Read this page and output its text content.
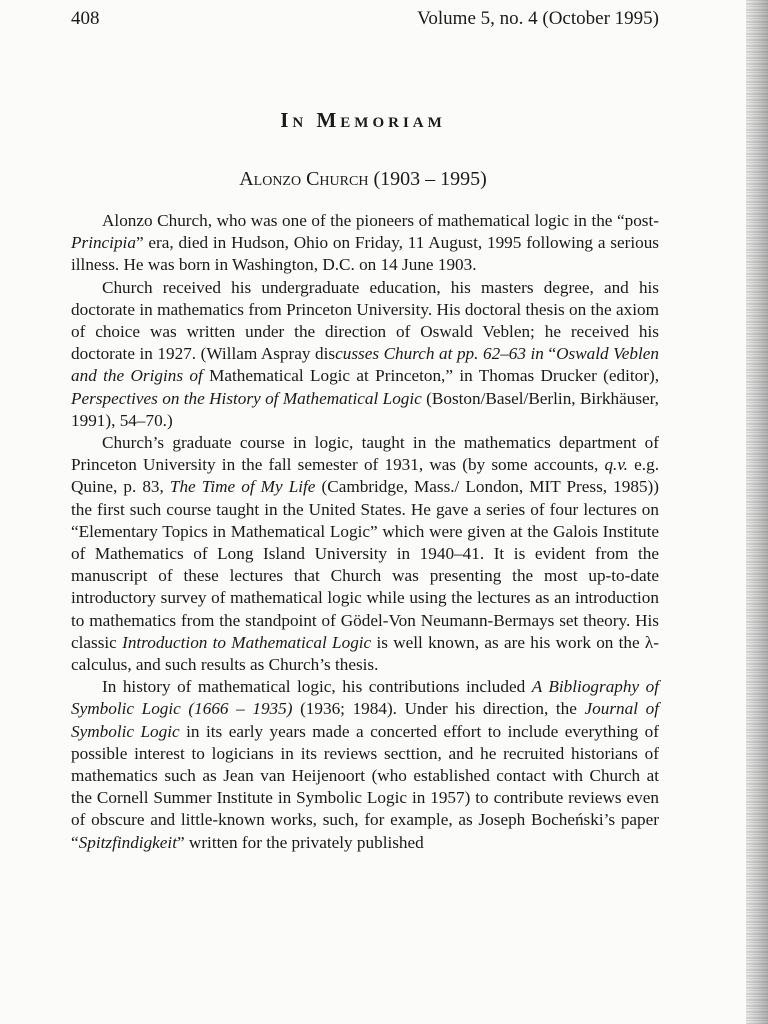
408	Volume 5, no. 4 (October 1995)
In Memoriam
Alonzo Church (1903 – 1995)

Alonzo Church, who was one of the pioneers of mathematical logic in the “post-Principia” era, died in Hudson, Ohio on Friday, 11 August, 1995 following a serious illness. He was born in Washington, D.C. on 14 June 1903.

Church received his undergraduate education, his masters degree, and his doctorate in mathematics from Princeton University. His doctoral thesis on the axiom of choice was written under the direction of Oswald Veblen; he received his doctorate in 1927. (Willam Aspray discusses Church at pp. 62–63 in “Oswald Veblen and the Origins of Mathematical Logic at Princeton,” in Thomas Drucker (editor), Perspectives on the History of Mathematical Logic (Boston/Basel/Berlin, Birkhäuser, 1991), 54–70.)

Church’s graduate course in logic, taught in the mathematics department of Princeton University in the fall semester of 1931, was (by some accounts, q.v. e.g. Quine, p. 83, The Time of My Life (Cambridge, Mass./ London, MIT Press, 1985)) the first such course taught in the United States. He gave a series of four lectures on “Elementary Topics in Mathematical Logic” which were given at the Galois Institute of Mathematics of Long Island University in 1940–41. It is evident from the manuscript of these lectures that Church was presenting the most up-to-date introductory survey of mathematical logic while using the lectures as an introduction to mathematics from the standpoint of Gödel-Von Neumann-Bermays set theory. His classic Introduction to Mathematical Logic is well known, as are his work on the λ-calculus, and such results as Church’s thesis.

In history of mathematical logic, his contributions included A Bibliography of Symbolic Logic (1666 – 1935) (1936; 1984). Under his direction, the Journal of Symbolic Logic in its early years made a concerted effort to include everything of possible interest to logicians in its reviews secttion, and he recruited historians of mathematics such as Jean van Heijenoort (who established contact with Church at the Cornell Summer Institute in Symbolic Logic in 1957) to contribute reviews even of obscure and little-known works, such, for example, as Joseph Bocheński’s paper “Spitzfindigkeit” written for the privately published
